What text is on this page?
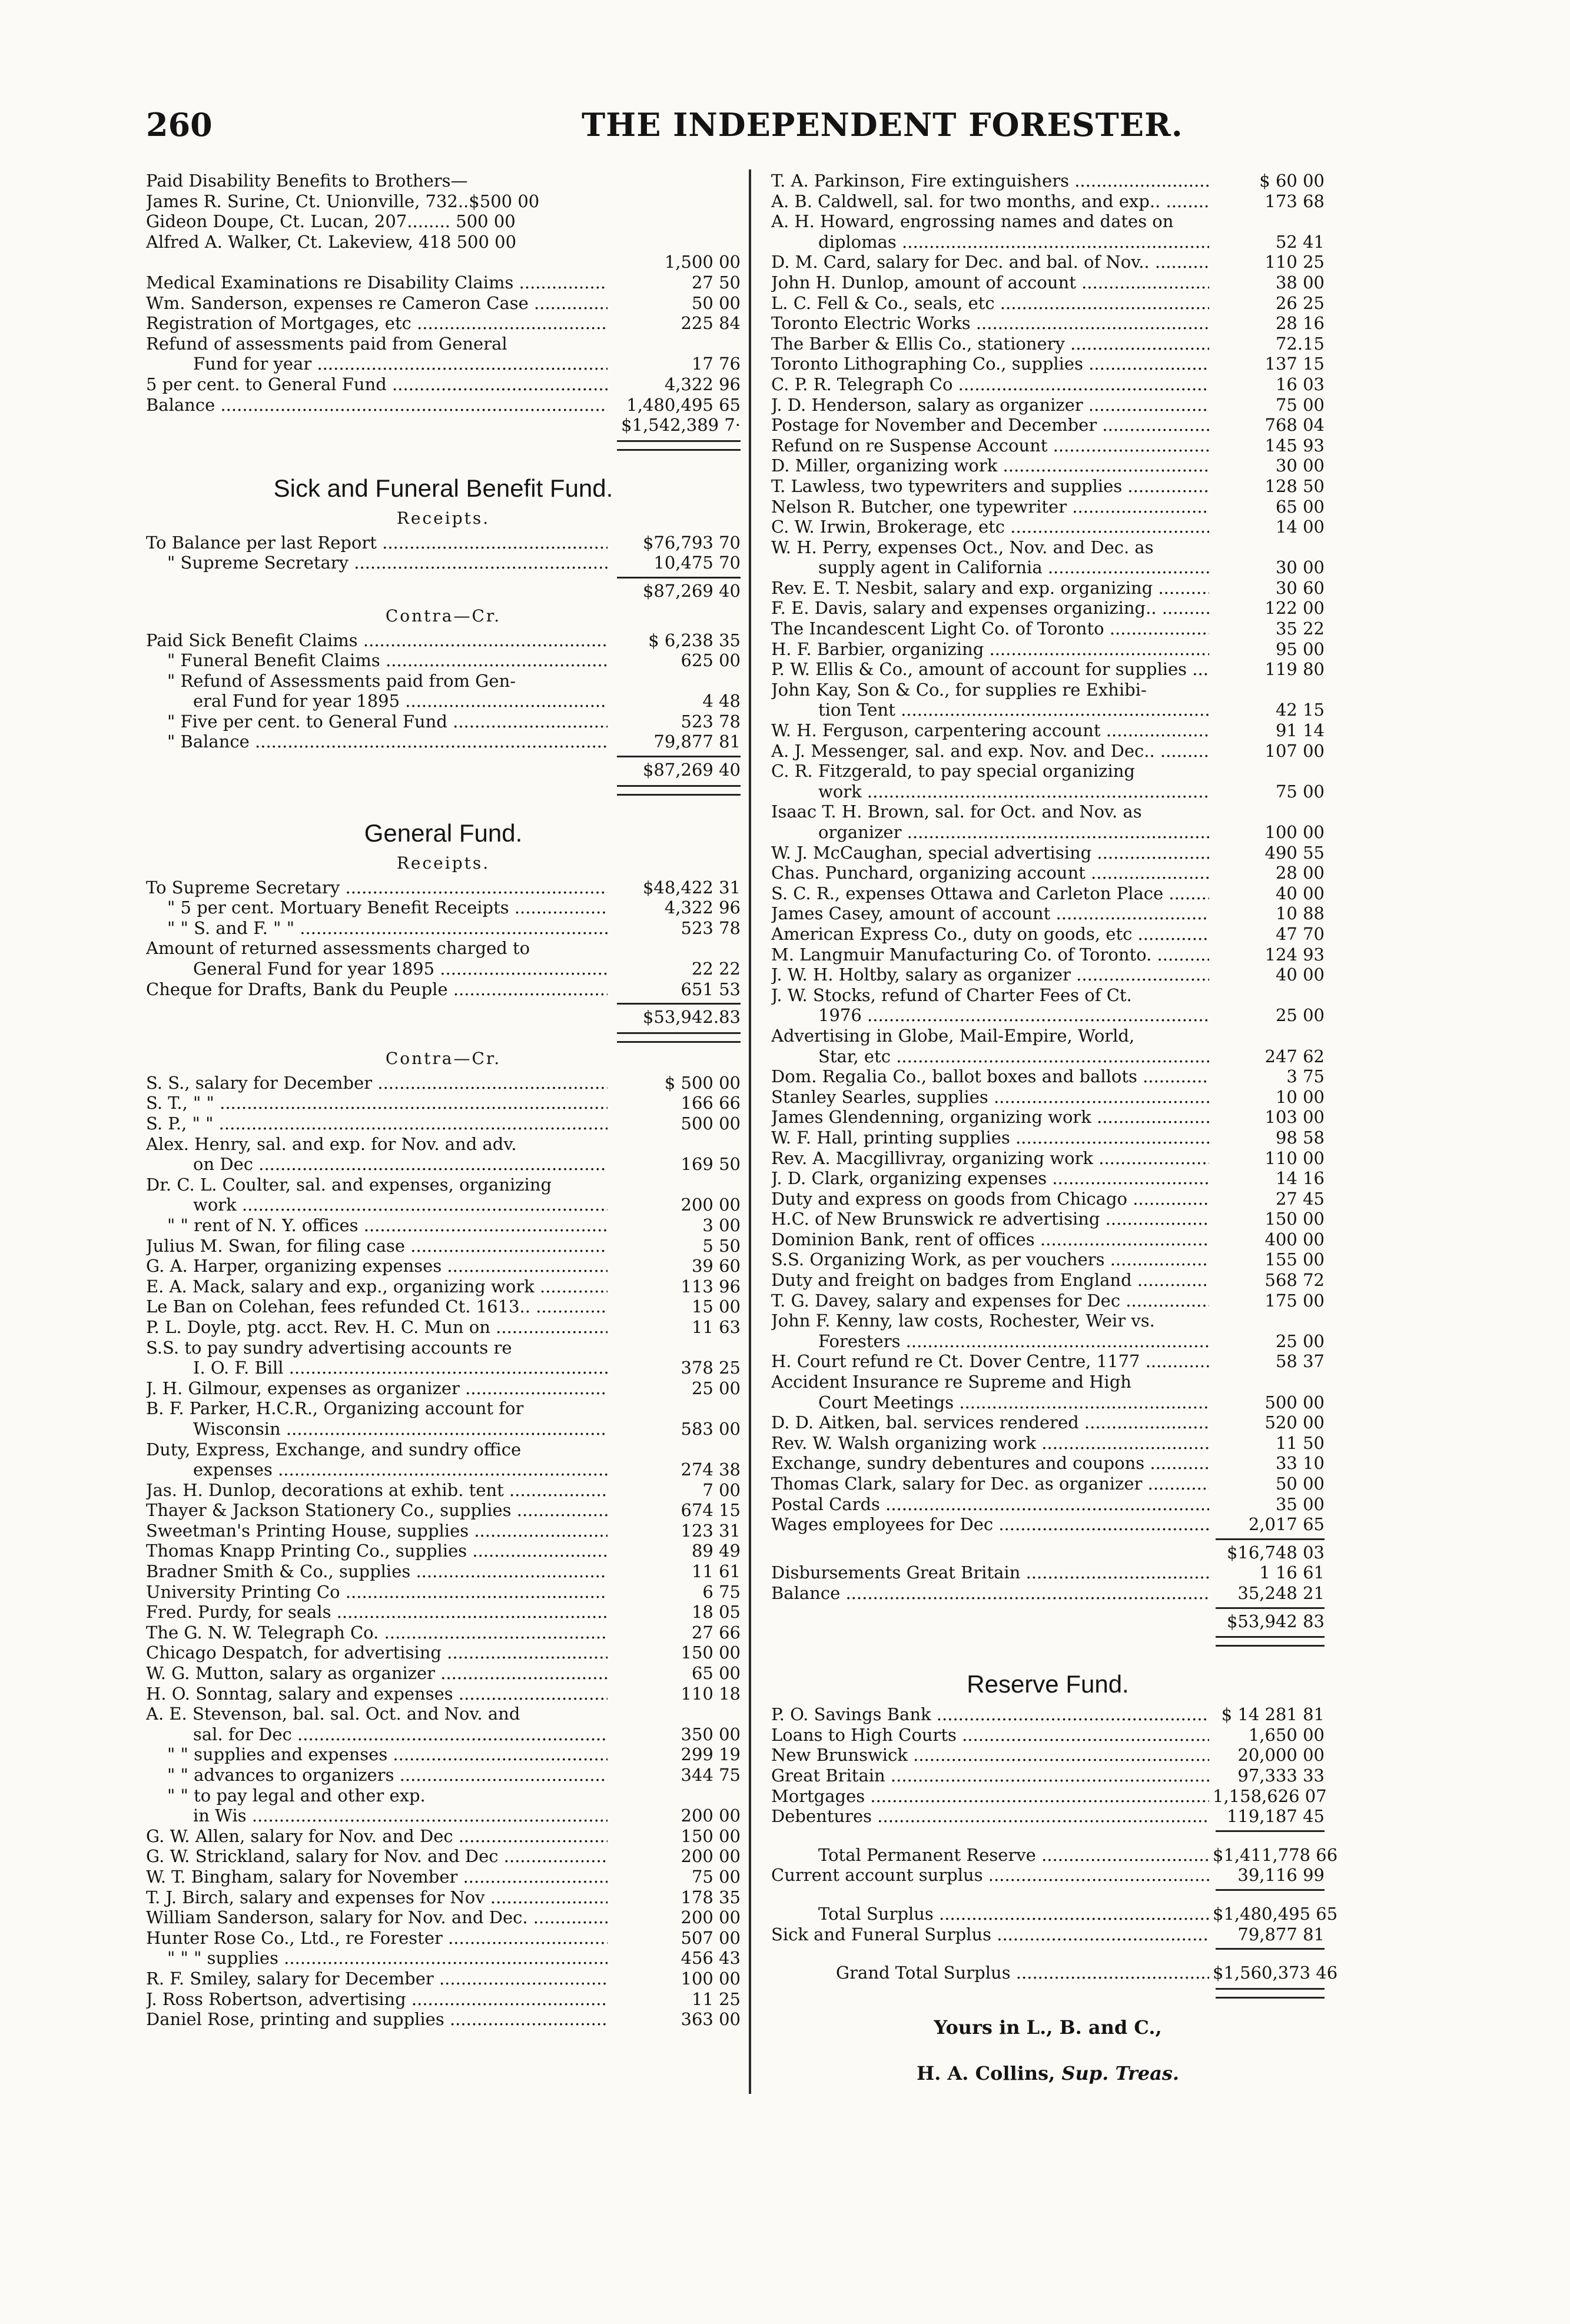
260	THE INDEPENDENT FORESTER.
Paid Disability Benefits to Brothers—
James R. Surine, Ct. Unionville, 732..$500 00
Gideon Doupe, Ct. Lucan, 207........ 500 00
Alfred A. Walker, Ct. Lakeview, 418 500 00
1,500 00
Medical Examinations re Disability Claims .....	27 50
Wm. Sanderson, expenses re Cameron Case .....	50 00
Registration of Mortgages, etc .....	225 84
Refund of assessments paid from General
Fund for year .....	17 76
5 per cent. to General Fund .....	4,322 96
Balance .....	1,480,495 65
$1,542,389 7·
Sick and Funeral Benefit Fund.
Receipts.
To Balance per last Report .....	$76,793 70
" Supreme Secretary .....	10,475 70
$87,269 40
Contra—Cr.
Paid Sick Benefit Claims .....	$ 6,238 35
" Funeral Benefit Claims .....	625 00
" Refund of Assessments paid from Gen-
eral Fund for year 1895 .....	4 48
" Five per cent. to General Fund .....	523 78
" Balance .....	79,877 81
$87,269 40
General Fund.
Receipts.
To Supreme Secretary .....	$48,422 31
" 5 per cent. Mortuary Benefit Receipts .....	4,322 96
" " S. and F. " " .....	523 78
Amount of returned assessments charged to
General Fund for year 1895 .....	22 22
Cheque for Drafts, Bank du Peuple .....	651 53
$53,942.83
Contra—Cr.
S. S., salary for December .....	$ 500 00
S. T., " " .....	166 66
S. P., " " .....	500 00
Alex. Henry, sal. and exp. for Nov. and adv.
on Dec .....	169 50
Dr. C. L. Coulter, sal. and expenses, organizing
work .....	200 00
" " rent of N. Y. offices .....	3 00
Julius M. Swan, for filing case .....	5 50
G. A. Harper, organizing expenses .....	39 60
E. A. Mack, salary and exp., organizing work .....	113 96
Le Ban on Colehan, fees refunded Ct. 1613.. .....	15 00
P. L. Doyle, ptg. acct. Rev. H. C. Mun on .....	11 63
S.S. to pay sundry advertising accounts re
I. O. F. Bill .....	378 25
J. H. Gilmour, expenses as organizer .....	25 00
B. F. Parker, H.C.R., Organizing account for
Wisconsin .....	583 00
Duty, Express, Exchange, and sundry office
expenses .....	274 38
Jas. H. Dunlop, decorations at exhib. tent .....	7 00
Thayer & Jackson Stationery Co., supplies .....	674 15
Sweetman's Printing House, supplies .....	123 31
Thomas Knapp Printing Co., supplies .....	89 49
Bradner Smith & Co., supplies .....	11 61
University Printing Co .....	6 75
Fred. Purdy, for seals .....	18 05
The G. N. W. Telegraph Co. .....	27 66
Chicago Despatch, for advertising .....	150 00
W. G. Mutton, salary as organizer .....	65 00
H. O. Sonntag, salary and expenses .....	110 18
A. E. Stevenson, bal. sal. Oct. and Nov. and
sal. for Dec .....	350 00
" " supplies and expenses .....	299 19
" " advances to organizers .....	344 75
" " to pay legal and other exp.
in Wis .....	200 00
G. W. Allen, salary for Nov. and Dec .....	150 00
G. W. Strickland, salary for Nov. and Dec .....	200 00
W. T. Bingham, salary for November .....	75 00
T. J. Birch, salary and expenses for Nov .....	178 35
William Sanderson, salary for Nov. and Dec. .....	200 00
Hunter Rose Co., Ltd., re Forester .....	507 00
" " " supplies .....	456 43
R. F. Smiley, salary for December .....	100 00
J. Ross Robertson, advertising .....	11 25
Daniel Rose, printing and supplies .....	363 00
T. A. Parkinson, Fire extinguishers .....	$ 60 00
A. B. Caldwell, sal. for two months, and exp.. .....	173 68
A. H. Howard, engrossing names and dates on
diplomas .....	52 41
D. M. Card, salary for Dec. and bal. of Nov.. .....	110 25
John H. Dunlop, amount of account .....	38 00
L. C. Fell & Co., seals, etc .....	26 25
Toronto Electric Works .....	28 16
The Barber & Ellis Co., stationery .....	72.15
Toronto Lithographing Co., supplies .....	137 15
C. P. R. Telegraph Co .....	16 03
J. D. Henderson, salary as organizer .....	75 00
Postage for November and December .....	768 04
Refund on re Suspense Account .....	145 93
D. Miller, organizing work .....	30 00
T. Lawless, two typewriters and supplies .....	128 50
Nelson R. Butcher, one typewriter .....	65 00
C. W. Irwin, Brokerage, etc .....	14 00
W. H. Perry, expenses Oct., Nov. and Dec. as
supply agent in California .....	30 00
Rev. E. T. Nesbit, salary and exp. organizing .....	30 60
F. E. Davis, salary and expenses organizing.. .....	122 00
The Incandescent Light Co. of Toronto .....	35 22
H. F. Barbier, organizing .....	95 00
P. W. Ellis & Co., amount of account for supplies .....	119 80
John Kay, Son & Co., for supplies re Exhibi-
tion Tent .....	42 15
W. H. Ferguson, carpentering account .....	91 14
A. J. Messenger, sal. and exp. Nov. and Dec.. .....	107 00
C. R. Fitzgerald, to pay special organizing
work .....	75 00
Isaac T. H. Brown, sal. for Oct. and Nov. as
organizer .....	100 00
W. J. McCaughan, special advertising .....	490 55
Chas. Punchard, organizing account .....	28 00
S. C. R., expenses Ottawa and Carleton Place .....	40 00
James Casey, amount of account .....	10 88
American Express Co., duty on goods, etc .....	47 70
M. Langmuir Manufacturing Co. of Toronto. .....	124 93
J. W. H. Holtby, salary as organizer .....	40 00
J. W. Stocks, refund of Charter Fees of Ct.
1976 .....	25 00
Advertising in Globe, Mail-Empire, World,
Star, etc .....	247 62
Dom. Regalia Co., ballot boxes and ballots .....	3 75
Stanley Searles, supplies .....	10 00
James Glendenning, organizing work .....	103 00
W. F. Hall, printing supplies .....	98 58
Rev. A. Macgillivray, organizing work .....	110 00
J. D. Clark, organizing expenses .....	14 16
Duty and express on goods from Chicago .....	27 45
H.C. of New Brunswick re advertising .....	150 00
Dominion Bank, rent of offices .....	400 00
S.S. Organizing Work, as per vouchers .....	155 00
Duty and freight on badges from England .....	568 72
T. G. Davey, salary and expenses for Dec .....	175 00
John F. Kenny, law costs, Rochester, Weir vs.
Foresters .....	25 00
H. Court refund re Ct. Dover Centre, 1177 .....	58 37
Accident Insurance re Supreme and High
Court Meetings .....	500 00
D. D. Aitken, bal. services rendered .....	520 00
Rev. W. Walsh organizing work .....	11 50
Exchange, sundry debentures and coupons .....	33 10
Thomas Clark, salary for Dec. as organizer .....	50 00
Postal Cards .....	35 00
Wages employees for Dec .....	2,017 65
$16,748 03
Disbursements Great Britain .....	1 16 61
Balance .....	35,248 21
$53,942 83
Reserve Fund.
P. O. Savings Bank .....	$ 14 281 81
Loans to High Courts .....	1,650 00
New Brunswick .....	20,000 00
Great Britain .....	97,333 33
Mortgages .....	1,158,626 07
Debentures .....	119,187 45
Total Permanent Reserve .....	$1,411,778 66
Current account surplus .....	39,116 99
Total Surplus .....	$1,480,495 65
Sick and Funeral Surplus .....	79,877 81
Grand Total Surplus .....	$1,560,373 46
Yours in L., B. and C.,
H. A. Collins, Sup. Treas.
